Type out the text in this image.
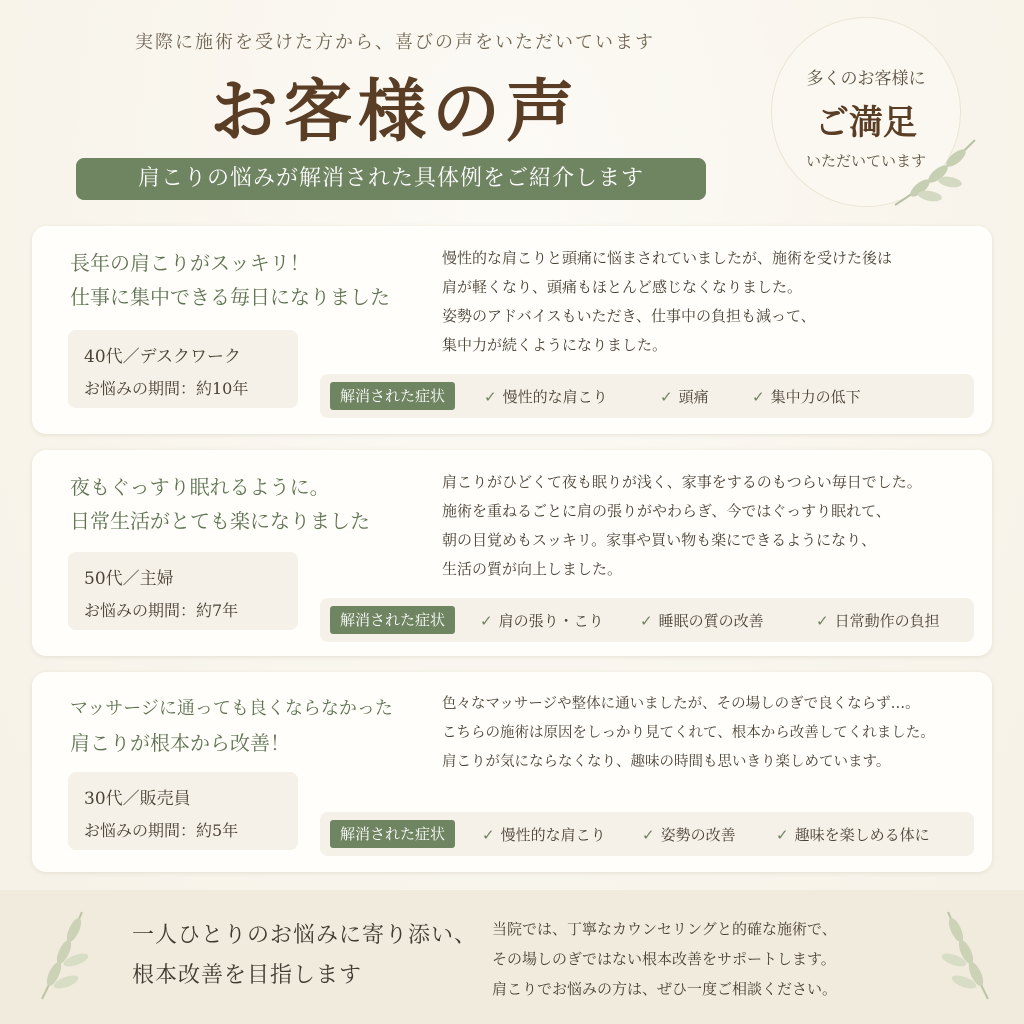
実際に施術を受けた方から、喜びの声をいただいています
お客様の声
肩こりの悩みが解消された具体例をご紹介します
多くのお客様に
ご満足
いただいています
長年の肩こりがスッキリ！
仕事に集中できる毎日になりました
40代／デスクワーク
お悩みの期間：約10年
慢性的な肩こりと頭痛に悩まされていましたが、施術を受けた後は
肩が軽くなり、頭痛もほとんど感じなくなりました。
姿勢のアドバイスもいただき、仕事中の負担も減って、
集中力が続くようになりました。
解消された症状	✓ 慢性的な肩こり	✓ 頭痛	✓ 集中力の低下
夜もぐっすり眠れるように。
日常生活がとても楽になりました
50代／主婦
お悩みの期間：約7年
肩こりがひどくて夜も眠りが浅く、家事をするのもつらい毎日でした。
施術を重ねるごとに肩の張りがやわらぎ、今ではぐっすり眠れて、
朝の目覚めもスッキリ。家事や買い物も楽にできるようになり、
生活の質が向上しました。
解消された症状	✓ 肩の張り・こり ✓ 睡眠の質の改善	✓ 日常動作の負担
マッサージに通っても良くならなかった
肩こりが根本から改善！
30代／販売員
お悩みの期間：約5年
色々なマッサージや整体に通いましたが、その場しのぎで良くならず…。
こちらの施術は原因をしっかり見てくれて、根本から改善してくれました。
肩こりが気にならなくなり、趣味の時間も思いきり楽しめています。
解消された症状	✓ 慢性的な肩こり ✓ 姿勢の改善	✓ 趣味を楽しめる体に
一人ひとりのお悩みに寄り添い、
根本改善を目指します
当院では、丁寧なカウンセリングと的確な施術で、
その場しのぎではない根本改善をサポートします。
肩こりでお悩みの方は、ぜひ一度ご相談ください。
